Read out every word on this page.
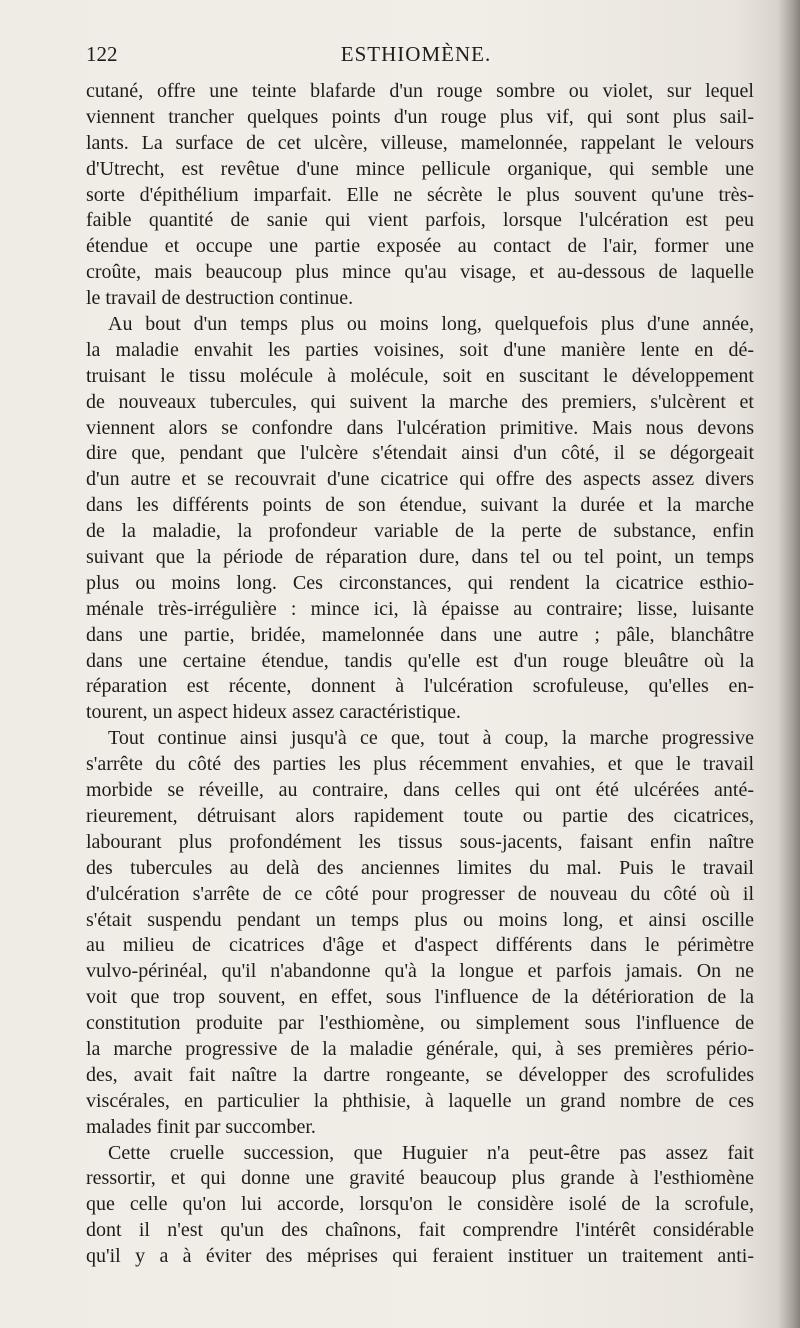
122	ESTHIOMÈNE.
cutané, offre une teinte blafarde d'un rouge sombre ou violet, sur lequel
viennent trancher quelques points d'un rouge plus vif, qui sont plus sail-
lants. La surface de cet ulcère, villeuse, mamelonnée, rappelant le velours
d'Utrecht, est revêtue d'une mince pellicule organique, qui semble une
sorte d'épithélium imparfait. Elle ne sécrète le plus souvent qu'une très-
faible quantité de sanie qui vient parfois, lorsque l'ulcération est peu
étendue et occupe une partie exposée au contact de l'air, former une
croûte, mais beaucoup plus mince qu'au visage, et au-dessous de laquelle
le travail de destruction continue.
Au bout d'un temps plus ou moins long, quelquefois plus d'une année,
la maladie envahit les parties voisines, soit d'une manière lente en dé-
truisant le tissu molécule à molécule, soit en suscitant le développement
de nouveaux tubercules, qui suivent la marche des premiers, s'ulcèrent et
viennent alors se confondre dans l'ulcération primitive. Mais nous devons
dire que, pendant que l'ulcère s'étendait ainsi d'un côté, il se dégorgeait
d'un autre et se recouvrait d'une cicatrice qui offre des aspects assez divers
dans les différents points de son étendue, suivant la durée et la marche
de la maladie, la profondeur variable de la perte de substance, enfin
suivant que la période de réparation dure, dans tel ou tel point, un temps
plus ou moins long. Ces circonstances, qui rendent la cicatrice esthio-
ménale très-irrégulière : mince ici, là épaisse au contraire; lisse, luisante
dans une partie, bridée, mamelonnée dans une autre ; pâle, blanchâtre
dans une certaine étendue, tandis qu'elle est d'un rouge bleuâtre où la
réparation est récente, donnent à l'ulcération scrofuleuse, qu'elles en-
tourent, un aspect hideux assez caractéristique.
Tout continue ainsi jusqu'à ce que, tout à coup, la marche progressive
s'arrête du côté des parties les plus récemment envahies, et que le travail
morbide se réveille, au contraire, dans celles qui ont été ulcérées anté-
rieurement, détruisant alors rapidement toute ou partie des cicatrices,
labourant plus profondément les tissus sous-jacents, faisant enfin naître
des tubercules au delà des anciennes limites du mal. Puis le travail
d'ulcération s'arrête de ce côté pour progresser de nouveau du côté où il
s'était suspendu pendant un temps plus ou moins long, et ainsi oscille
au milieu de cicatrices d'âge et d'aspect différents dans le périmètre
vulvo-périnéal, qu'il n'abandonne qu'à la longue et parfois jamais. On ne
voit que trop souvent, en effet, sous l'influence de la détérioration de la
constitution produite par l'esthiomène, ou simplement sous l'influence de
la marche progressive de la maladie générale, qui, à ses premières pério-
des, avait fait naître la dartre rongeante, se développer des scrofulides
viscérales, en particulier la phthisie, à laquelle un grand nombre de ces
malades finit par succomber.
Cette cruelle succession, que Huguier n'a peut-être pas assez fait
ressortir, et qui donne une gravité beaucoup plus grande à l'esthiomène
que celle qu'on lui accorde, lorsqu'on le considère isolé de la scrofule,
dont il n'est qu'un des chaînons, fait comprendre l'intérêt considérable
qu'il y a à éviter des méprises qui feraient instituer un traitement anti-
